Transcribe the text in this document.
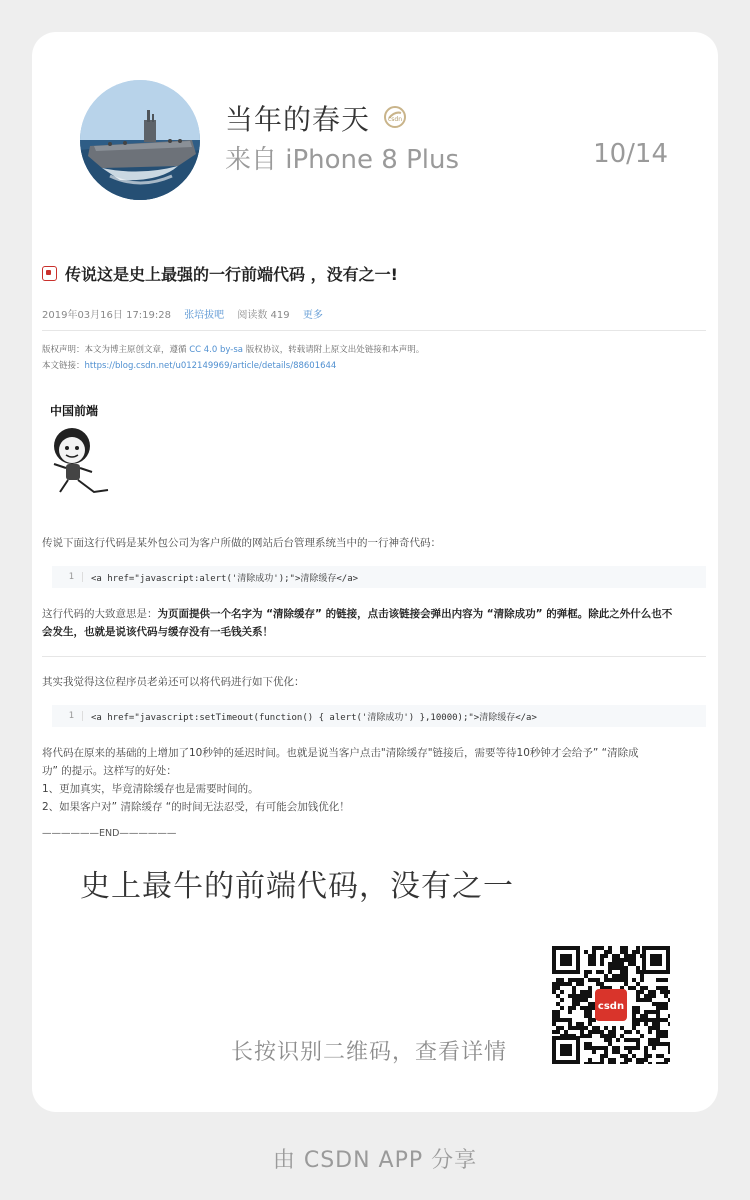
当年的春天	csdn
来自 iPhone 8 Plus	10/14
传说这是史上最强的一行前端代码 ，没有之一!
2019年03月16日 17:19:28 张培拔吧 阅读数 419 更多
版权声明：本文为博主原创文章，遵循 CC 4.0 by-sa 版权协议，转载请附上原文出处链接和本声明。
本文链接：https://blog.csdn.net/u012149969/article/details/88601644
中国前端
传说下面这行代码是某外包公司为客户所做的网站后台管理系统当中的一行神奇代码：
1	<a href="javascript:alert('清除成功');">清除缓存</a>
这行代码的大致意思是：为页面提供一个名字为 “清除缓存” 的链接，点击该链接会弹出内容为 “清除成功” 的弹框。除此之外什么也不
会发生，也就是说该代码与缓存没有一毛钱关系！
其实我觉得这位程序员老弟还可以将代码进行如下优化：
1	<a href="javascript:setTimeout(function() { alert('清除成功') },10000);">清除缓存</a>
将代码在原来的基础的上增加了10秒钟的延迟时间。也就是说当客户点击"清除缓存"链接后，需要等待10秒钟才会给予” “清除成
功” 的提示。这样写的好处：
1、更加真实，毕竟清除缓存也是需要时间的。
2、如果客户对” 清除缓存 “的时间无法忍受，有可能会加钱优化！
——————END——————
史上最牛的前端代码，没有之一
长按识别二维码，查看详情
csdn
由 CSDN APP 分享
